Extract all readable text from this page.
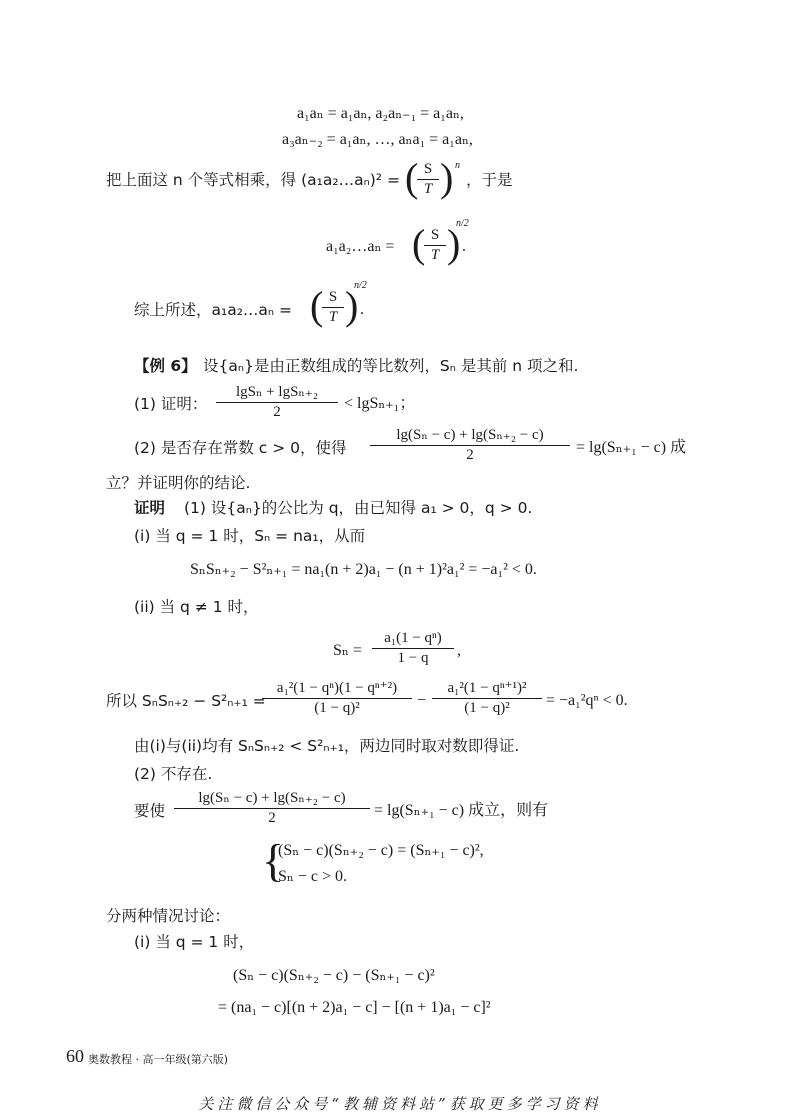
a₁aₙ = a₁aₙ, a₂aₙ₋₁ = a₁aₙ,
a₃aₙ₋₂ = a₁aₙ, …, aₙa₁ = a₁aₙ,
把上面这 n 个等式相乘，得 (a₁a₂…aₙ)² = (
$\frac{S}{T}$ ) n
，于是
a₁a₂…aₙ = (
$\frac{S}{T}$ )
n/2
.
综上所述，a₁a₂…aₙ = (
$\frac{S}{T}$ )
n/2
.
【例 6】 设{aₙ}是由正数组成的等比数列，Sₙ 是其前 n 项之和.
(1) 证明： $\frac{\text{lgSₙ + lgSₙ₊₂}}{2} < \lg S_{n+1}$；
(2) 是否存在常数 c > 0，使得 $\frac{\text{lg(Sₙ − c) + lg(Sₙ₊₂ − c)}}{2} = \lg(S_{n+1} - c)$ 成
立？并证明你的结论.
证明 (1) 设{aₙ}的公比为 q，由已知得 a₁ > 0，q > 0.
(i) 当 q = 1 时，Sₙ = na₁，从而
SₙSₙ₊₂ − S²ₙ₊₁ = na₁(n + 2)a₁ − (n + 1)²a₁² = −a₁² < 0.
(ii) 当 q ≠ 1 时，
$S_n = \frac{\text{a₁(1 − qⁿ)}}{1 - q}$ ,
所以 SₙSₙ₊₂ − S²ₙ₊₁ =
$\frac{\text{a₁²(1 − qⁿ)(1 − qⁿ⁺²)}}{\text{(1 − q)²}} - \frac{\text{a₁²(1 − qⁿ⁺¹)²}}{\text{(1 − q)²}} = -a_1^2q^n < 0$.
由(i)与(ii)均有 SₙSₙ₊₂ < S²ₙ₊₁，两边同时取对数即得证.
(2) 不存在.
要使 $\frac{\text{lg(Sₙ − c) + lg(Sₙ₊₂ − c)}}{2} = \lg(S_{n+1} - c)$ 成立，则有
{
(Sₙ − c)(Sₙ₊₂ − c) = (Sₙ₊₁ − c)²,
Sₙ − c > 0.
分两种情况讨论：
(i) 当 q = 1 时，
(Sₙ − c)(Sₙ₊₂ − c) − (Sₙ₊₁ − c)²
= (na₁ − c)[(n + 2)a₁ − c] − [(n + 1)a₁ − c]²
60 奥数教程 · 高一年级(第六版)
关注微信公众号“教辅资料站”获取更多学习资料
